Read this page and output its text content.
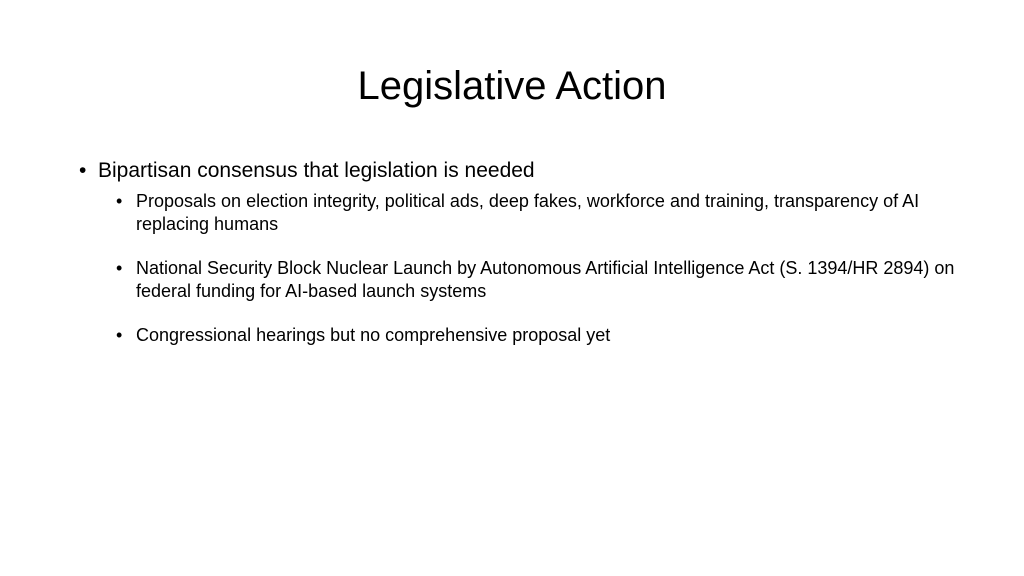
Legislative Action
• Bipartisan consensus that legislation is needed
• Proposals on election integrity, political ads, deep fakes, workforce and training, transparency of AI replacing humans
• National Security Block Nuclear Launch by Autonomous Artificial Intelligence Act (S. 1394/HR 2894) on federal funding for AI-based launch systems
• Congressional hearings but no comprehensive proposal yet
